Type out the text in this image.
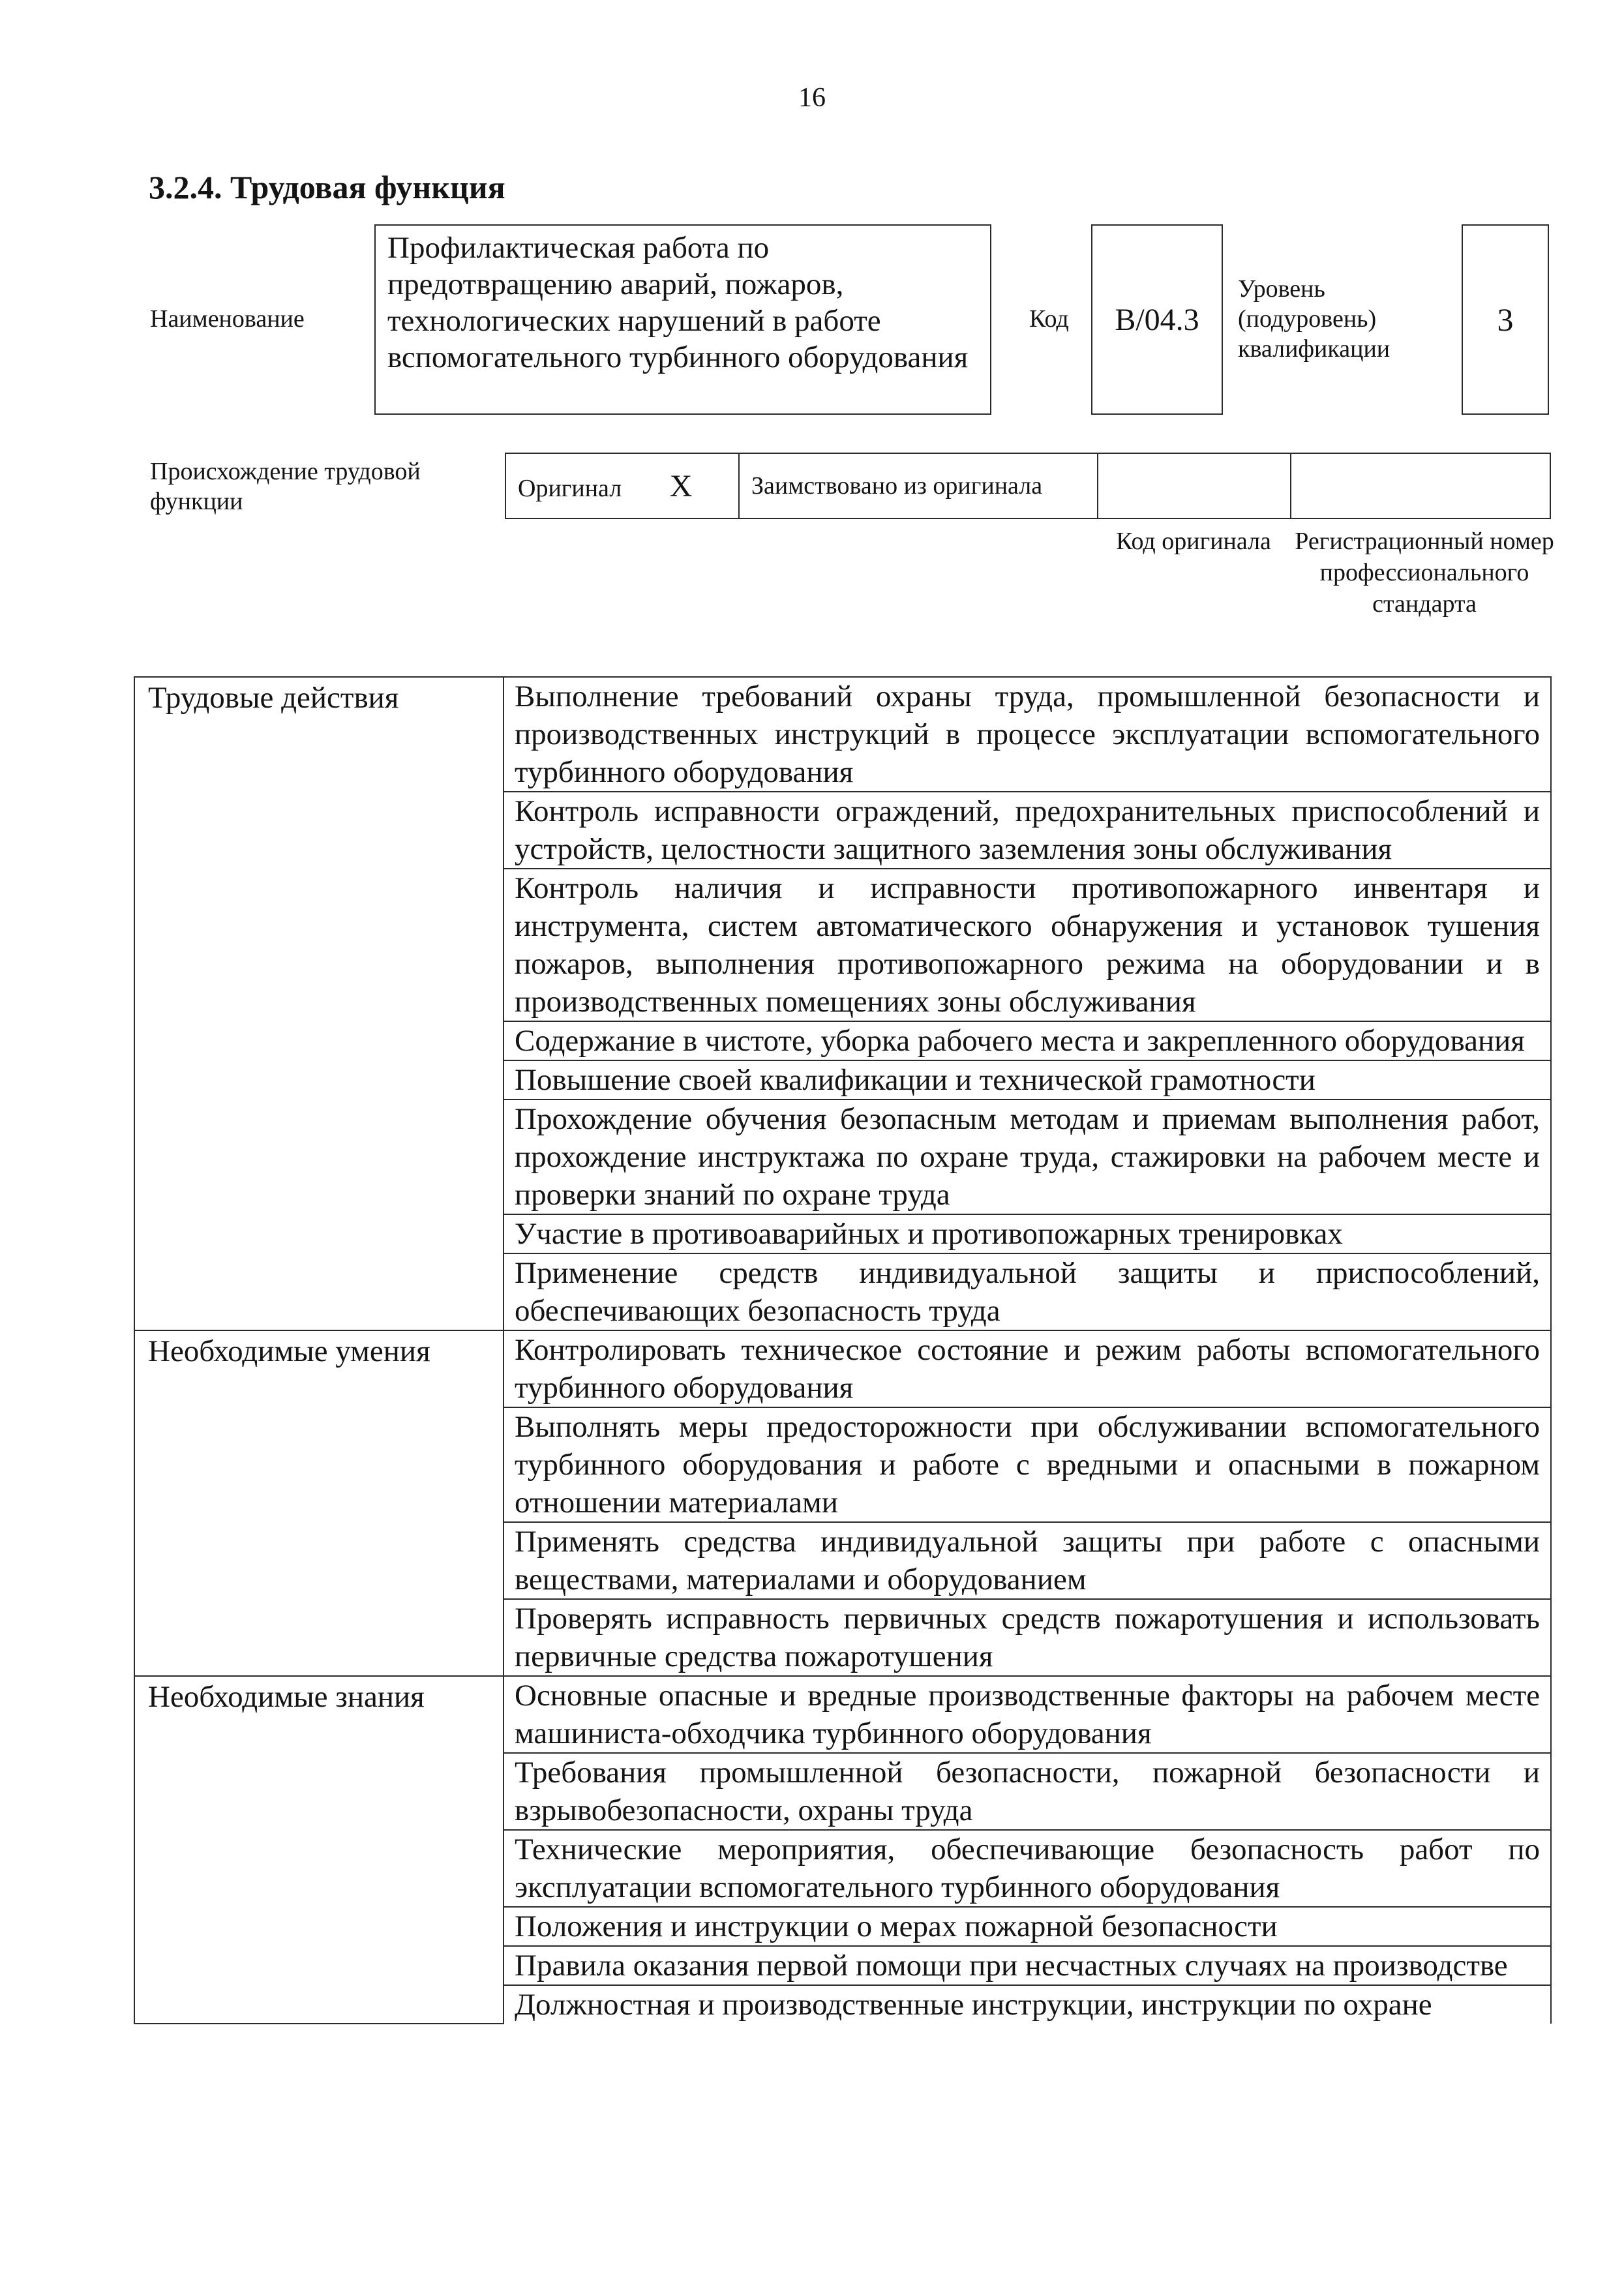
16
3.2.4. Трудовая функция
Наименование
Профилактическая работа по предотвращению аварий, пожаров, технологических нарушений в работе вспомогательного турбинного оборудования
Код	B/04.3
Уровень (подуровень) квалификации
3
Происхождение трудовой функции	Оригинал X	Заимствовано из оригинала		
Код оригинала Регистрационный номер профессионального стандарта
Трудовые действия	Выполнение требований охраны труда, промышленной безопасности и производственных инструкций в процессе эксплуатации вспомогательного турбинного оборудования
	Контроль исправности ограждений, предохранительных приспособлений и устройств, целостности защитного заземления зоны обслуживания
	Контроль наличия и исправности противопожарного инвентаря и инструмента, систем автоматического обнаружения и установок тушения пожаров, выполнения противопожарного режима на оборудовании и в производственных помещениях зоны обслуживания
	Содержание в чистоте, уборка рабочего места и закрепленного оборудования
	Повышение своей квалификации и технической грамотности
	Прохождение обучения безопасным методам и приемам выполнения работ, прохождение инструктажа по охране труда, стажировки на рабочем месте и проверки знаний по охране труда
	Участие в противоаварийных и противопожарных тренировках
	Применение средств индивидуальной защиты и приспособлений, обеспечивающих безопасность труда
Необходимые умения	Контролировать техническое состояние и режим работы вспомогательного турбинного оборудования
	Выполнять меры предосторожности при обслуживании вспомогательного турбинного оборудования и работе с вредными и опасными в пожарном отношении материалами
	Применять средства индивидуальной защиты при работе с опасными веществами, материалами и оборудованием
	Проверять исправность первичных средств пожаротушения и использовать первичные средства пожаротушения
Необходимые знания	Основные опасные и вредные производственные факторы на рабочем месте машиниста-обходчика турбинного оборудования
	Требования промышленной безопасности, пожарной безопасности и взрывобезопасности, охраны труда
	Технические мероприятия, обеспечивающие безопасность работ по эксплуатации вспомогательного турбинного оборудования
	Положения и инструкции о мерах пожарной безопасности
	Правила оказания первой помощи при несчастных случаях на производстве
	Должностная и производственные инструкции, инструкции по охране
